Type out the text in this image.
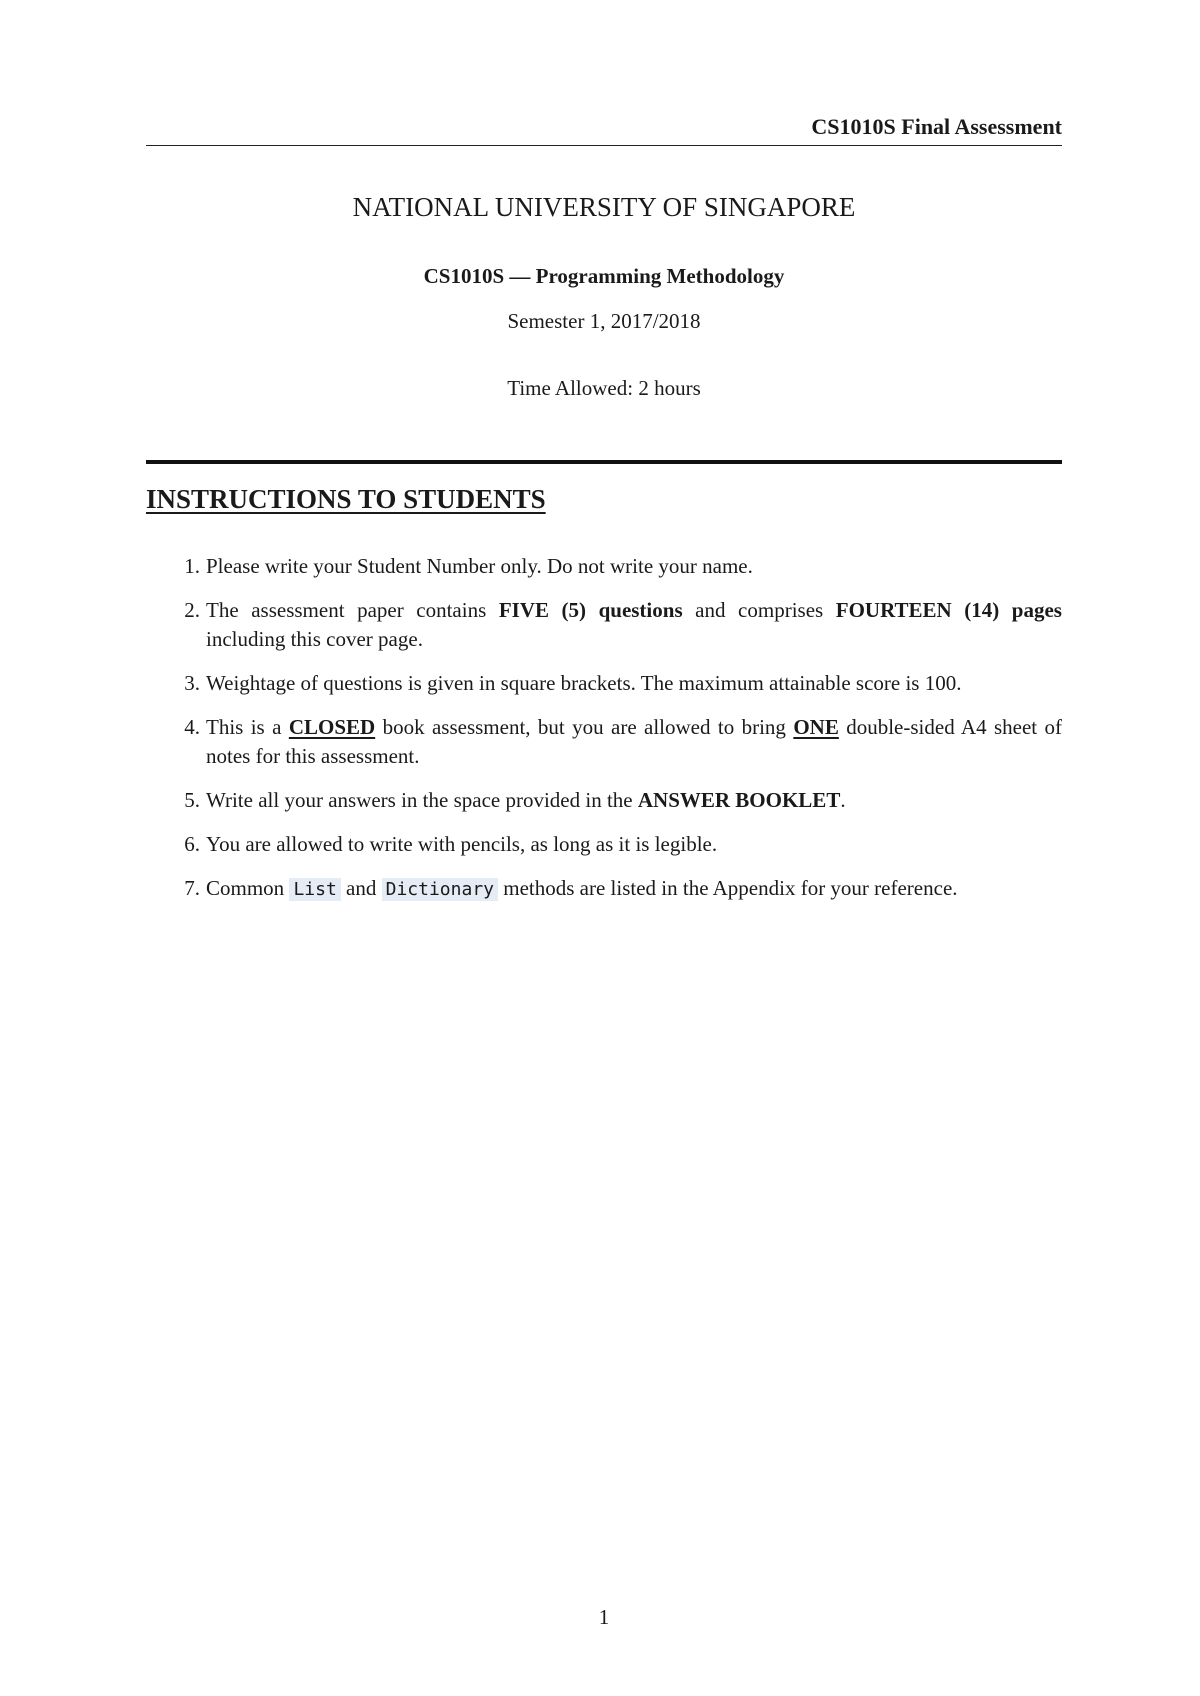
CS1010S Final Assessment
NATIONAL UNIVERSITY OF SINGAPORE
CS1010S — Programming Methodology
Semester 1, 2017/2018
Time Allowed: 2 hours
INSTRUCTIONS TO STUDENTS
1. Please write your Student Number only. Do not write your name.
2. The assessment paper contains FIVE (5) questions and comprises FOURTEEN (14) pages including this cover page.
3. Weightage of questions is given in square brackets. The maximum attainable score is 100.
4. This is a CLOSED book assessment, but you are allowed to bring ONE double-sided A4 sheet of notes for this assessment.
5. Write all your answers in the space provided in the ANSWER BOOKLET.
6. You are allowed to write with pencils, as long as it is legible.
7. Common List and Dictionary methods are listed in the Appendix for your reference.
1
